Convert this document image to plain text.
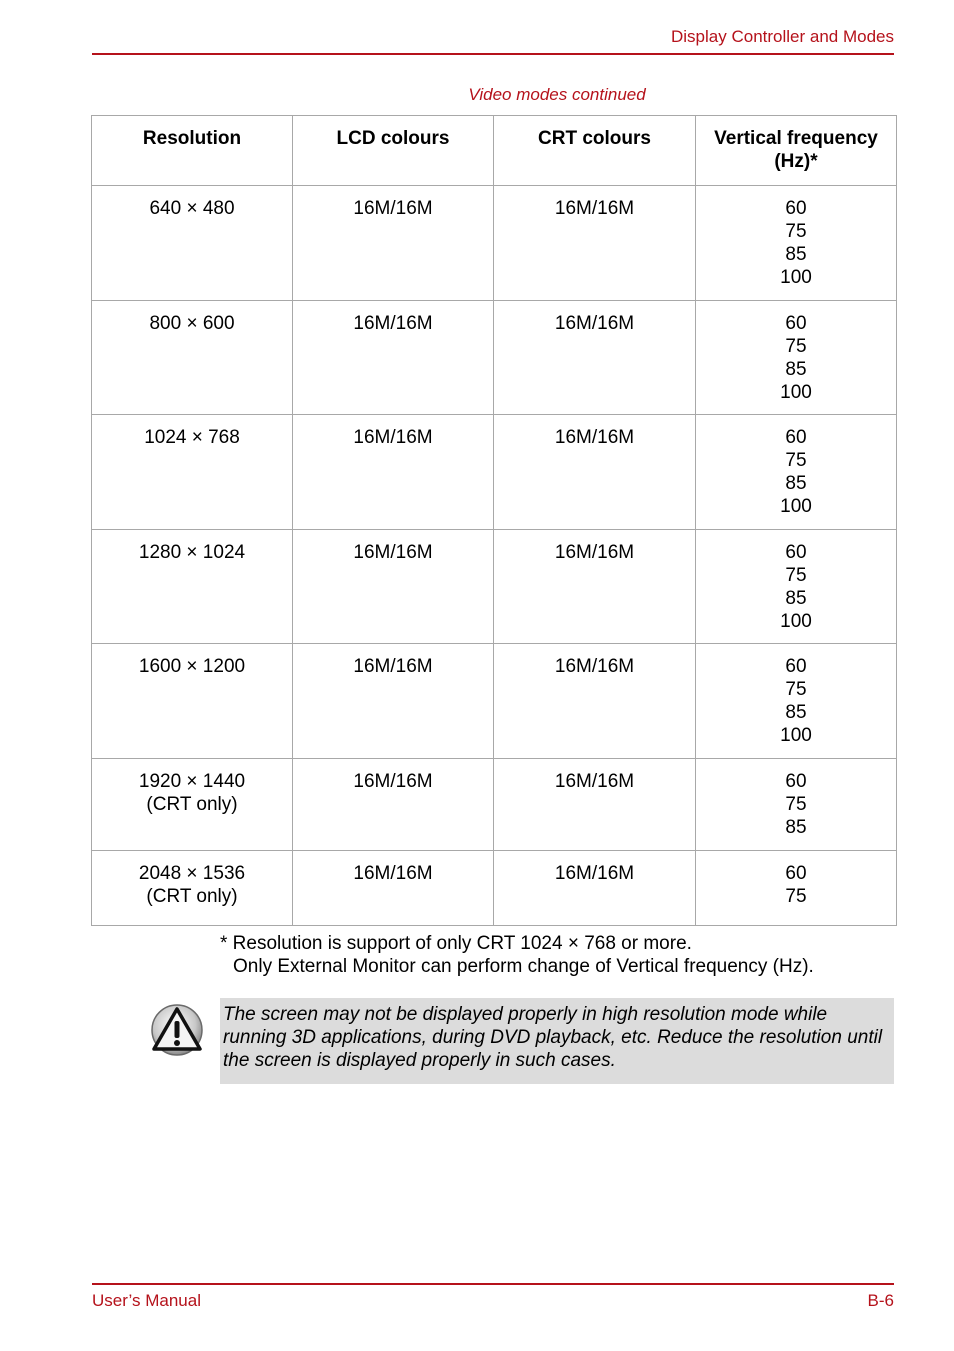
Display Controller and Modes
Video modes continued
Resolution	LCD colours	CRT colours	Vertical frequency (Hz)*

640 × 480	16M/16M	16M/16M	60
75
85
100

800 × 600	16M/16M	16M/16M	60
75
85
100

1024 × 768	16M/16M	16M/16M	60
75
85
100

1280 × 1024	16M/16M	16M/16M	60
75
85
100

1600 × 1200	16M/16M	16M/16M	60
75
85
100

1920 × 1440
(CRT only)	16M/16M	16M/16M	60
75
85

2048 × 1536
(CRT only)	16M/16M	16M/16M	60
75
* Resolution is support of only CRT 1024 × 768 or more.
Only External Monitor can perform change of Vertical frequency (Hz).
The screen may not be displayed properly in high resolution mode while running 3D applications, during DVD playback, etc. Reduce the resolution until the screen is displayed properly in such cases.
User’s Manual	B-6
